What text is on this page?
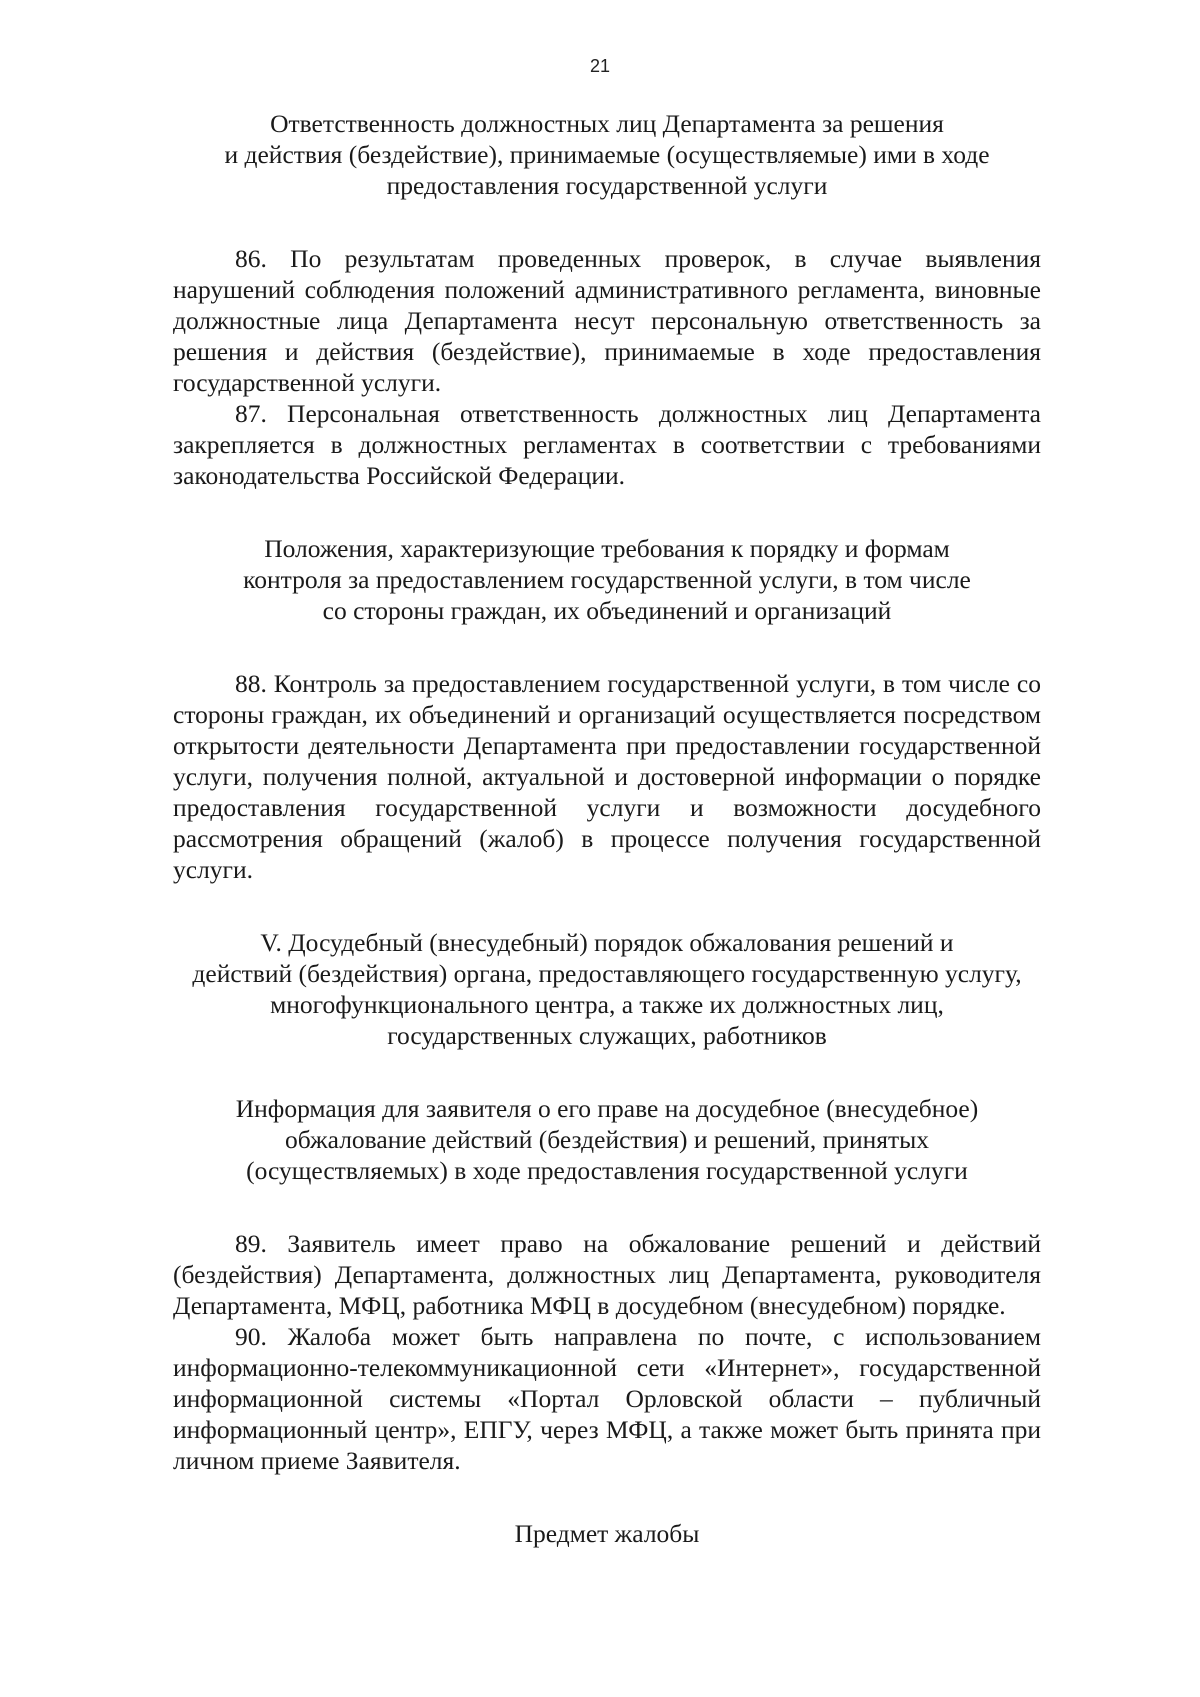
21
Ответственность должностных лиц Департамента за решения
и действия (бездействие), принимаемые (осуществляемые) ими в ходе
предоставления государственной услуги

86. По результатам проведенных проверок, в случае выявления нарушений соблюдения положений административного регламента, виновные должностные лица Департамента несут персональную ответственность за решения и действия (бездействие), принимаемые в ходе предоставления государственной услуги.

87. Персональная ответственность должностных лиц Департамента закрепляется в должностных регламентах в соответствии с требованиями законодательства Российской Федерации.

Положения, характеризующие требования к порядку и формам
контроля за предоставлением государственной услуги, в том числе
со стороны граждан, их объединений и организаций

88. Контроль за предоставлением государственной услуги, в том числе со стороны граждан, их объединений и организаций осуществляется посредством открытости деятельности Департамента при предоставлении государственной услуги, получения полной, актуальной и достоверной информации о порядке предоставления государственной услуги и возможности досудебного рассмотрения обращений (жалоб) в процессе получения государственной услуги.

V. Досудебный (внесудебный) порядок обжалования решений и
действий (бездействия) органа, предоставляющего государственную услугу,
многофункционального центра, а также их должностных лиц,
государственных служащих, работников
Информация для заявителя о его праве на досудебное (внесудебное)
обжалование действий (бездействия) и решений, принятых
(осуществляемых) в ходе предоставления государственной услуги

89. Заявитель имеет право на обжалование решений и действий (бездействия) Департамента, должностных лиц Департамента, руководителя Департамента, МФЦ, работника МФЦ в досудебном (внесудебном) порядке.

90. Жалоба может быть направлена по почте, с использованием информационно-телекоммуникационной сети «Интернет», государственной информационной системы «Портал Орловской области – публичный информационный центр», ЕПГУ, через МФЦ, а также может быть принята при личном приеме Заявителя.

Предмет жалобы
